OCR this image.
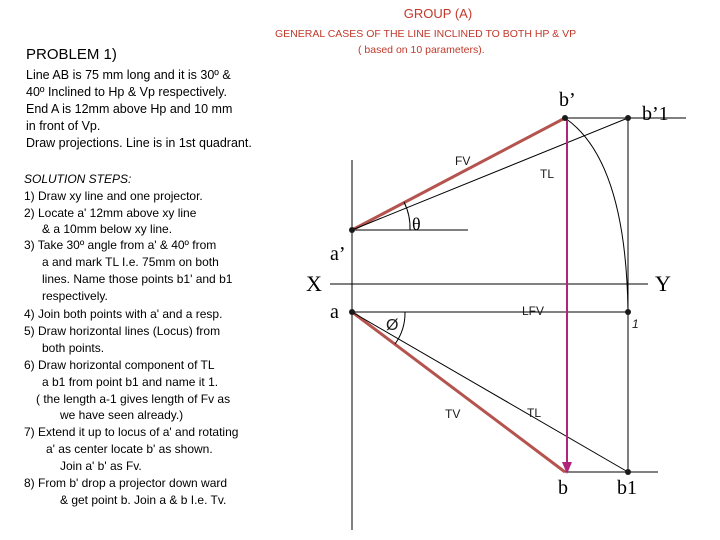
GROUP (A)
GENERAL CASES OF THE LINE INCLINED TO BOTH HP & VP
( based on 10 parameters).
PROBLEM 1)
Line AB is 75 mm long and it is 30º &
40º Inclined to Hp & Vp respectively.
End A is 12mm above Hp and 10 mm
in front of Vp.
Draw projections. Line is in 1st quadrant.
SOLUTION STEPS:
1) Draw xy line and one projector.
2) Locate a' 12mm above xy line
& a 10mm below xy line.
3) Take 30º angle from a' & 40º from
a and mark TL I.e. 75mm on both
lines. Name those points b1' and b1
respectively.
4) Join both points with a' and a resp.
5) Draw horizontal lines (Locus) from
both points.
6) Draw horizontal component of TL
a b1 from point b1 and name it 1.
( the length a-1 gives length of Fv as
we have seen already.)
7) Extend it up to locus of a' and rotating
a' as center locate b' as shown.
Join a' b' as Fv.
8) From b' drop a projector down ward
& get point b. Join a & b I.e. Tv.
b’
b’1
FV
TL
θ
a’
X	Y
a	LFV
1
Ø
TV	TL
b b1
